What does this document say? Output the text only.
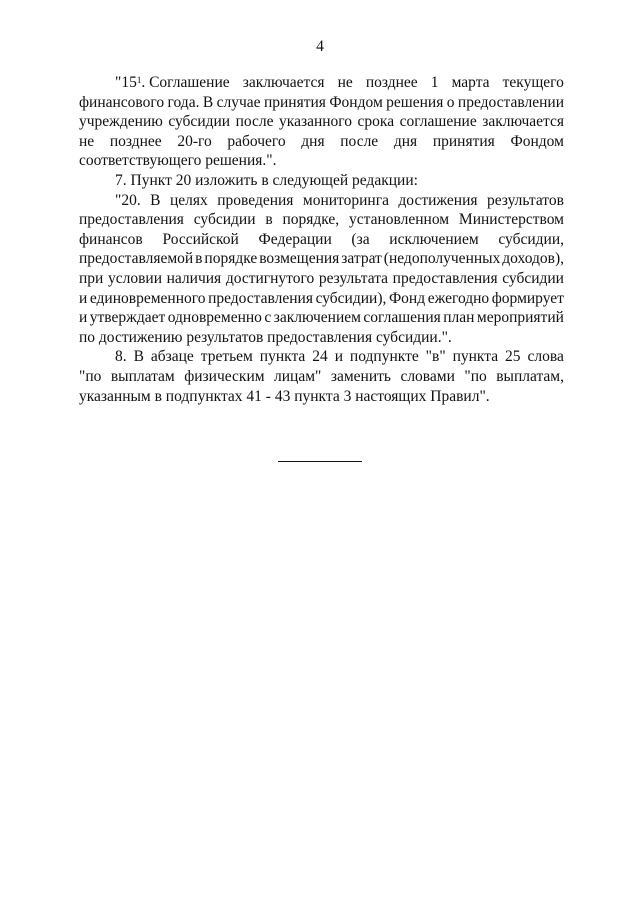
4
"$15^1$. Соглашение заключается не позднее 1 марта текущего
финансового года. В случае принятия Фондом решения о предоставлении
учреждению субсидии после указанного срока соглашение заключается
не позднее 20-го рабочего дня после дня принятия Фондом
соответствующего решения.".
7. Пункт 20 изложить в следующей редакции:
"20. В целях проведения мониторинга достижения результатов
предоставления субсидии в порядке, установленном Министерством
финансов Российской Федерации (за исключением субсидии,
предоставляемой в порядке возмещения затрат (недополученных доходов),
при условии наличия достигнутого результата предоставления субсидии
и единовременного предоставления субсидии), Фонд ежегодно формирует
и утверждает одновременно с заключением соглашения план мероприятий
по достижению результатов предоставления субсидии.".
8. В абзаце третьем пункта 24 и подпункте "в" пункта 25 слова
"по выплатам физическим лицам" заменить словами "по выплатам,
указанным в подпунктах 41 - 43 пункта 3 настоящих Правил".
